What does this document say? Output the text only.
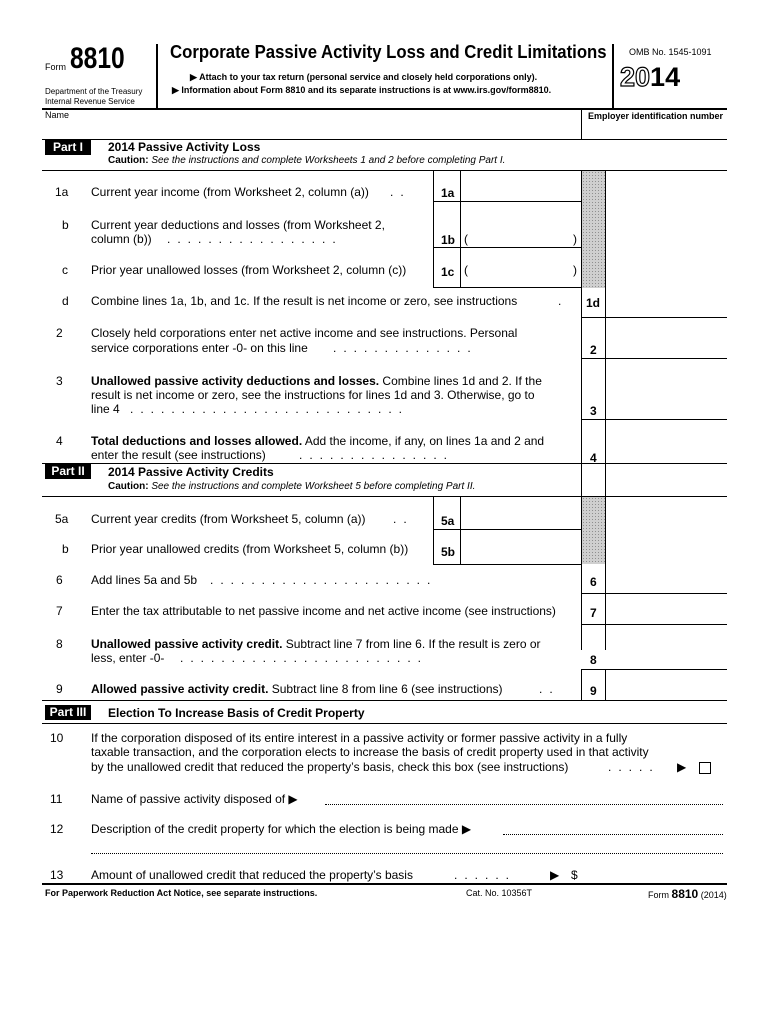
Form 8810
Department of the Treasury
Internal Revenue Service
Corporate Passive Activity Loss and Credit Limitations
▶ Attach to your tax return (personal service and closely held corporations only).
▶ Information about Form 8810 and its separate instructions is at www.irs.gov/form8810.
OMB No. 1545-1091
2014
Name	Employer identification number
Part I	2014 Passive Activity Loss
Caution: See the instructions and complete Worksheets 1 and 2 before completing Part I.
1a Current year income (from Worksheet 2, column (a)) ..	1a
b Current year deductions and losses (from Worksheet 2,
column (b)) .................	1b (	)
c Prior year unallowed losses (from Worksheet 2, column (c))	1c (	)
d Combine lines 1a, 1b, and 1c. If the result is net income or zero, see instructions	. 1d
2 Closely held corporations enter net active income and see instructions. Personal
service corporations enter -0- on this line ..............	2
3 Unallowed passive activity deductions and losses. Combine lines 1d and 2. If the
result is net income or zero, see the instructions for lines 1d and 3. Otherwise, go to
line 4 ...........................	3
4 Total deductions and losses allowed. Add the income, if any, on lines 1a and 2 and
enter the result (see instructions)	...............	4
Part II	2014 Passive Activity Credits
Caution: See the instructions and complete Worksheet 5 before completing Part II.
5a Current year credits (from Worksheet 5, column (a)) .. 5a
b Prior year unallowed credits (from Worksheet 5, column (b))	5b
6 Add lines 5a and 5b ......................	6
7 Enter the tax attributable to net passive income and net active income (see instructions)	7
8 Unallowed passive activity credit. Subtract line 7 from line 6. If the result is zero or
less, enter -0- ........................	8
9 Allowed passive activity credit. Subtract line 8 from line 6 (see instructions)	..	9
Part III	Election To Increase Basis of Credit Property
10 If the corporation disposed of its entire interest in a passive activity or former passive activity in a fully
taxable transaction, and the corporation elects to increase the basis of credit property used in that activity
by the unallowed credit that reduced the property’s basis, check this box (see instructions)	..... ▶
11 Name of passive activity disposed of ▶
12 Description of the credit property for which the election is being made ▶
13 Amount of unallowed credit that reduced the property’s basis	......	▶ $
For Paperwork Reduction Act Notice, see separate instructions.	Cat. No. 10356T	Form 8810 (2014)
